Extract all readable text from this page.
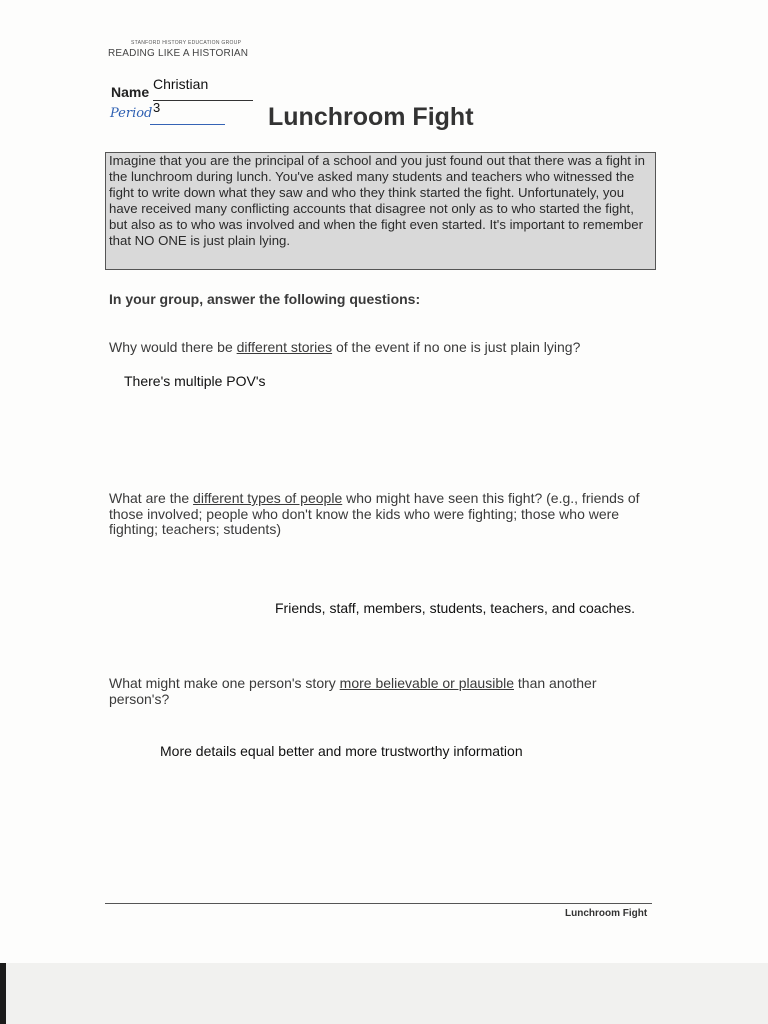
STANFORD HISTORY EDUCATION GROUP
READING LIKE A HISTORIAN
Name Christian
Period 3	Lunchroom Fight
Imagine that you are the principal of a school and you just found out that there was a fight in the lunchroom during lunch. You've asked many students and teachers who witnessed the fight to write down what they saw and who they think started the fight. Unfortunately, you have received many conflicting accounts that disagree not only as to who started the fight, but also as to who was involved and when the fight even started. It's important to remember that NO ONE is just plain lying.
In your group, answer the following questions:
Why would there be different stories of the event if no one is just plain lying?
There's multiple POV's
What are the different types of people who might have seen this fight? (e.g., friends of those involved; people who don't know the kids who were fighting; those who were fighting; teachers; students)
Friends, staff, members, students, teachers, and coaches.
What might make one person's story more believable or plausible than another person's?
More details equal better and more trustworthy information
Lunchroom Fight
